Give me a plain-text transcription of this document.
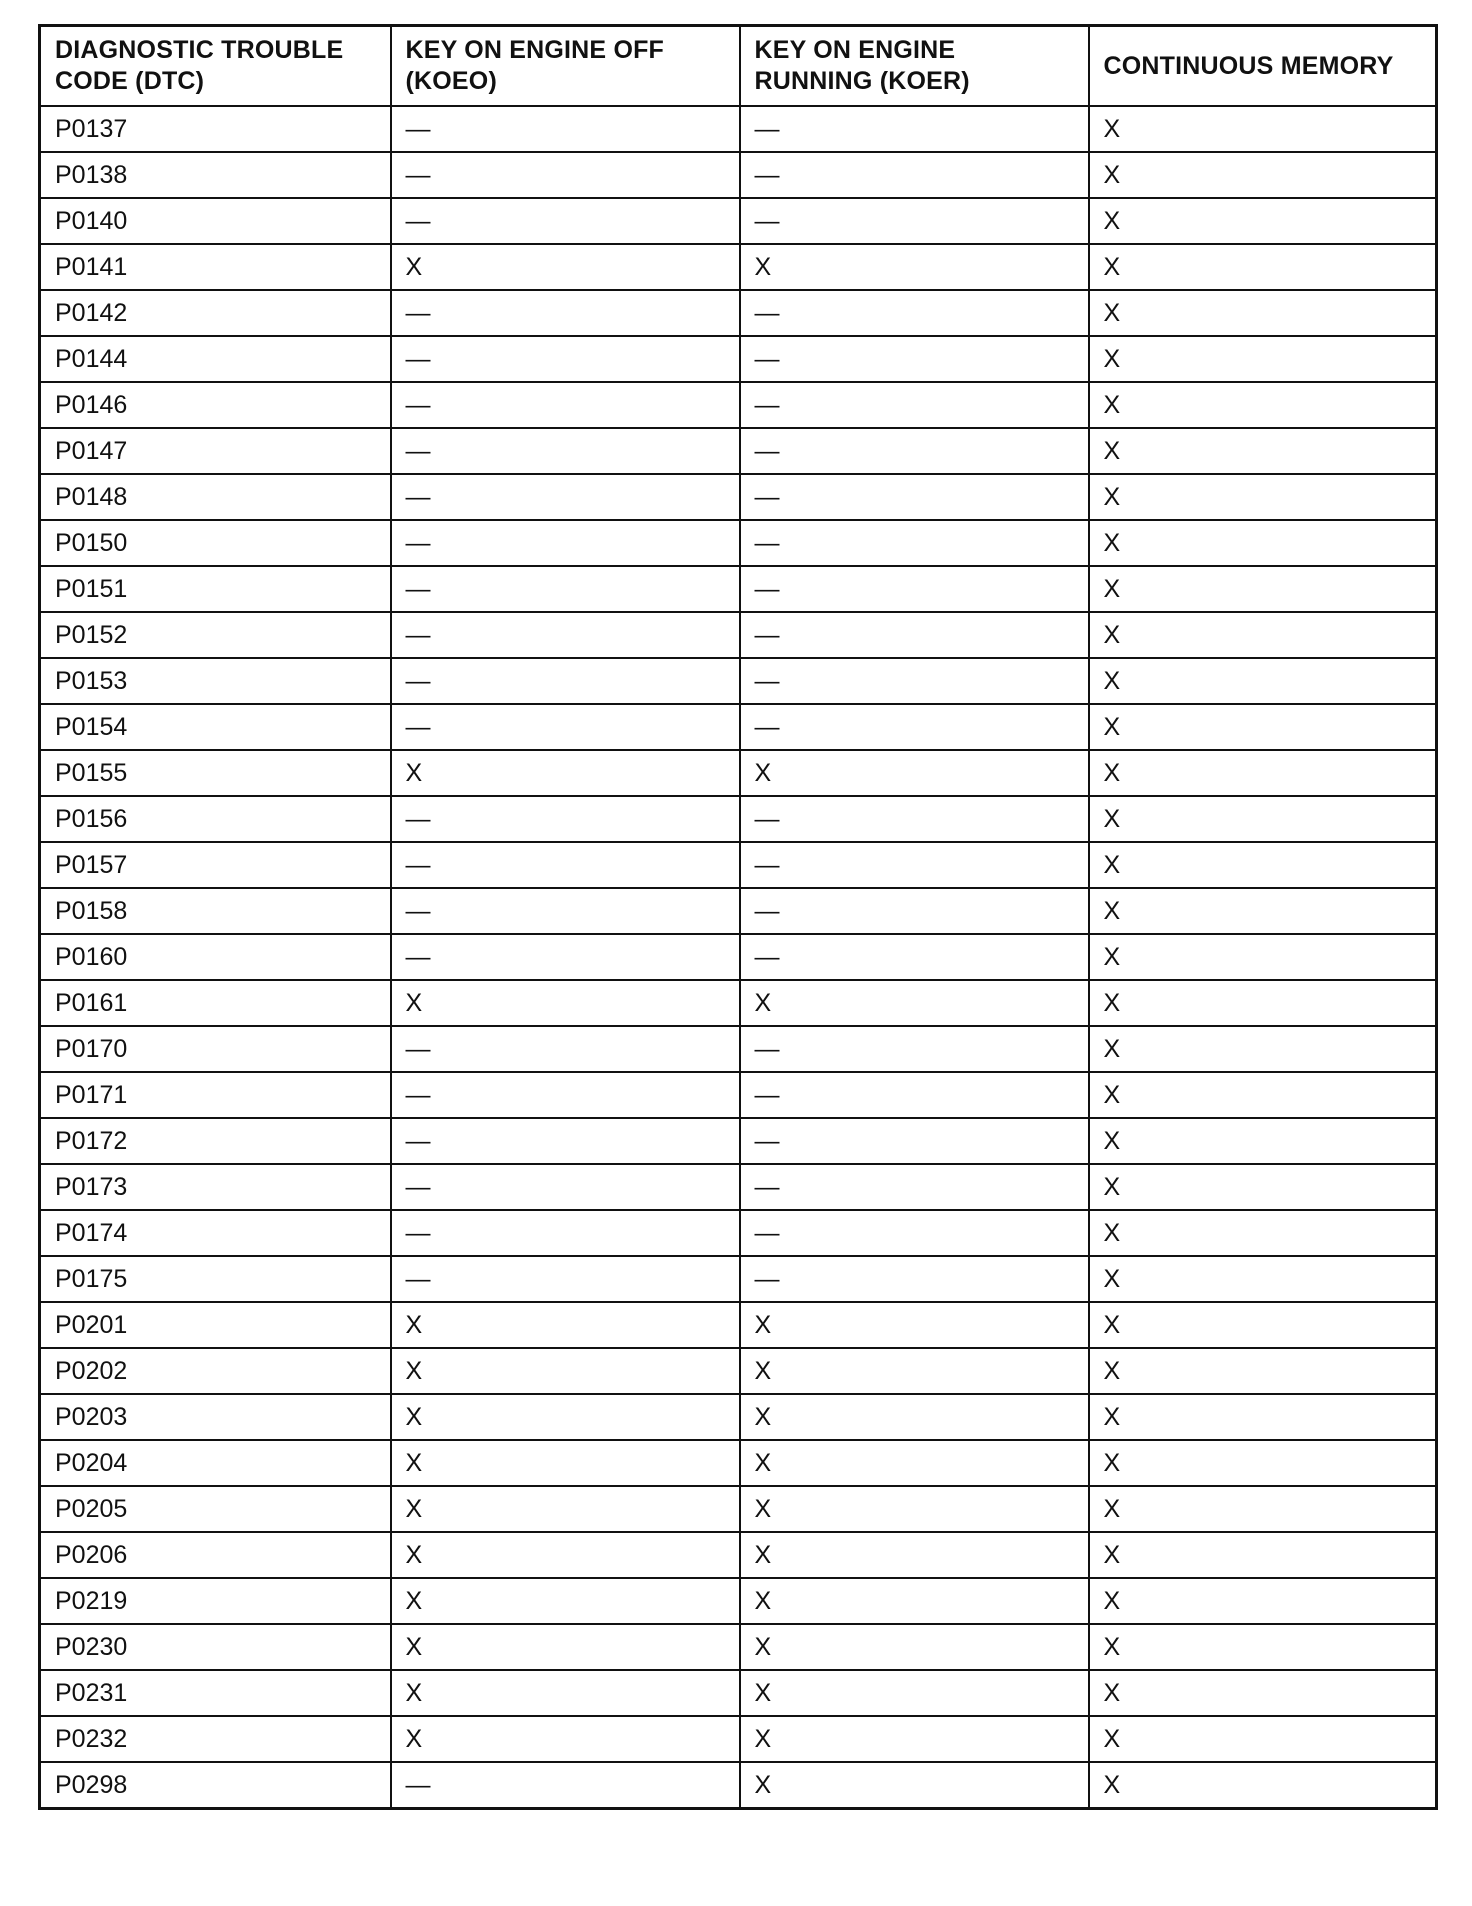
DIAGNOSTIC TROUBLE CODE (DTC)	KEY ON ENGINE OFF (KOEO)	KEY ON ENGINE RUNNING (KOER)	CONTINUOUS MEMORY
P0137	—	—	X
P0138	—	—	X
P0140	—	—	X
P0141	X	X	X
P0142	—	—	X
P0144	—	—	X
P0146	—	—	X
P0147	—	—	X
P0148	—	—	X
P0150	—	—	X
P0151	—	—	X
P0152	—	—	X
P0153	—	—	X
P0154	—	—	X
P0155	X	X	X
P0156	—	—	X
P0157	—	—	X
P0158	—	—	X
P0160	—	—	X
P0161	X	X	X
P0170	—	—	X
P0171	—	—	X
P0172	—	—	X
P0173	—	—	X
P0174	—	—	X
P0175	—	—	X
P0201	X	X	X
P0202	X	X	X
P0203	X	X	X
P0204	X	X	X
P0205	X	X	X
P0206	X	X	X
P0219	X	X	X
P0230	X	X	X
P0231	X	X	X
P0232	X	X	X
P0298	—	X	X
